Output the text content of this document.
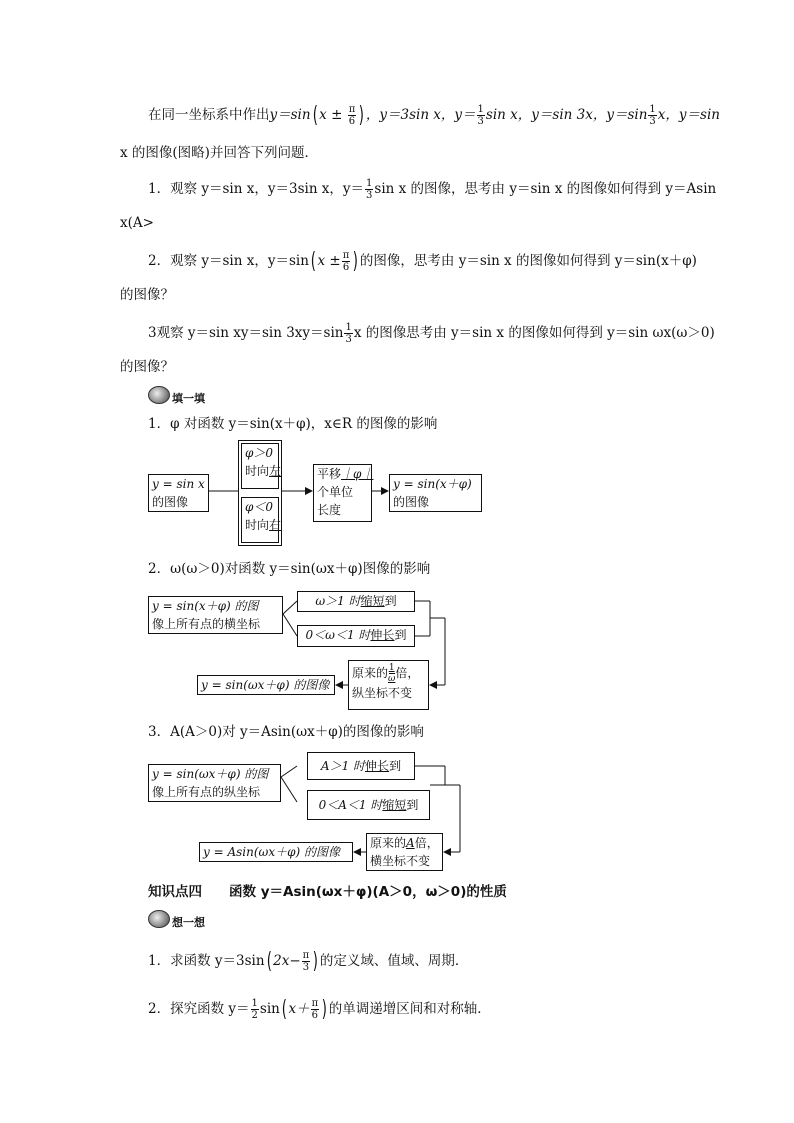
在同一坐标系中作出y＝sin( $x \pm \frac{\pi}{6}$ ) ，y＝3sin x，$y= \frac{1}{3}$ sin x，y＝sin 3x，$y=\sin \frac{1}{3}$ x，y＝sin
x 的图像(图略)并回答下列问题．
1．观察 y＝sin x，y＝3sin x，$y= \frac{1}{3}$ sin x 的图像，思考由 y＝sin x 的图像如何得到 y＝Asin
x(A>
2．观察 y＝sin x，y＝sin( $x \pm \frac{\pi}{6}$ ) 的图像，思考由 y＝sin x 的图像如何得到 y＝sin(x＋φ)
的图像？
3观察 y＝sin xy＝sin $3xy=\sin \frac{1}{3}$ x 的图像思考由 y＝sin x 的图像如何得到 y＝sin ωx(ω＞0)
的图像？
填一填
1．φ 对函数 y＝sin(x＋φ)，x∈R 的图像的影响
y = sin x
的图像
φ＞0
时向左
φ＜0
时向右
平移｜φ｜
个单位
长度
y = sin(x＋φ)
的图像
2．ω(ω＞0)对函数 y＝sin(ωx＋φ)图像的影响
y = sin(x＋φ) 的图
像上所有点的横坐标
ω＞1 时缩短到
0＜ω＜1 时伸长到
原来的 $\frac{1}{\omega}$ 倍，
纵坐标不变
y = sin(ωx＋φ) 的图像
3．A(A＞0)对 y＝Asin(ωx＋φ)的图像的影响
y = sin(ωx＋φ) 的图
像上所有点的纵坐标
A＞1 时伸长到
0＜A＜1 时缩短到
原来的A倍，
横坐标不变
y = Asin(ωx＋φ) 的图像
知识点四　　函数 y＝Asin(ωx＋φ)(A＞0，ω＞0)的性质
想一想
1．求函数 y＝3sin( $2x- \frac{\pi}{3}$ ) 的定义域、值域、周期．
2．探究函数 $y= \frac{1}{2} \sin$( $x+ \frac{\pi}{6}$ ) 的单调递增区间和对称轴．
